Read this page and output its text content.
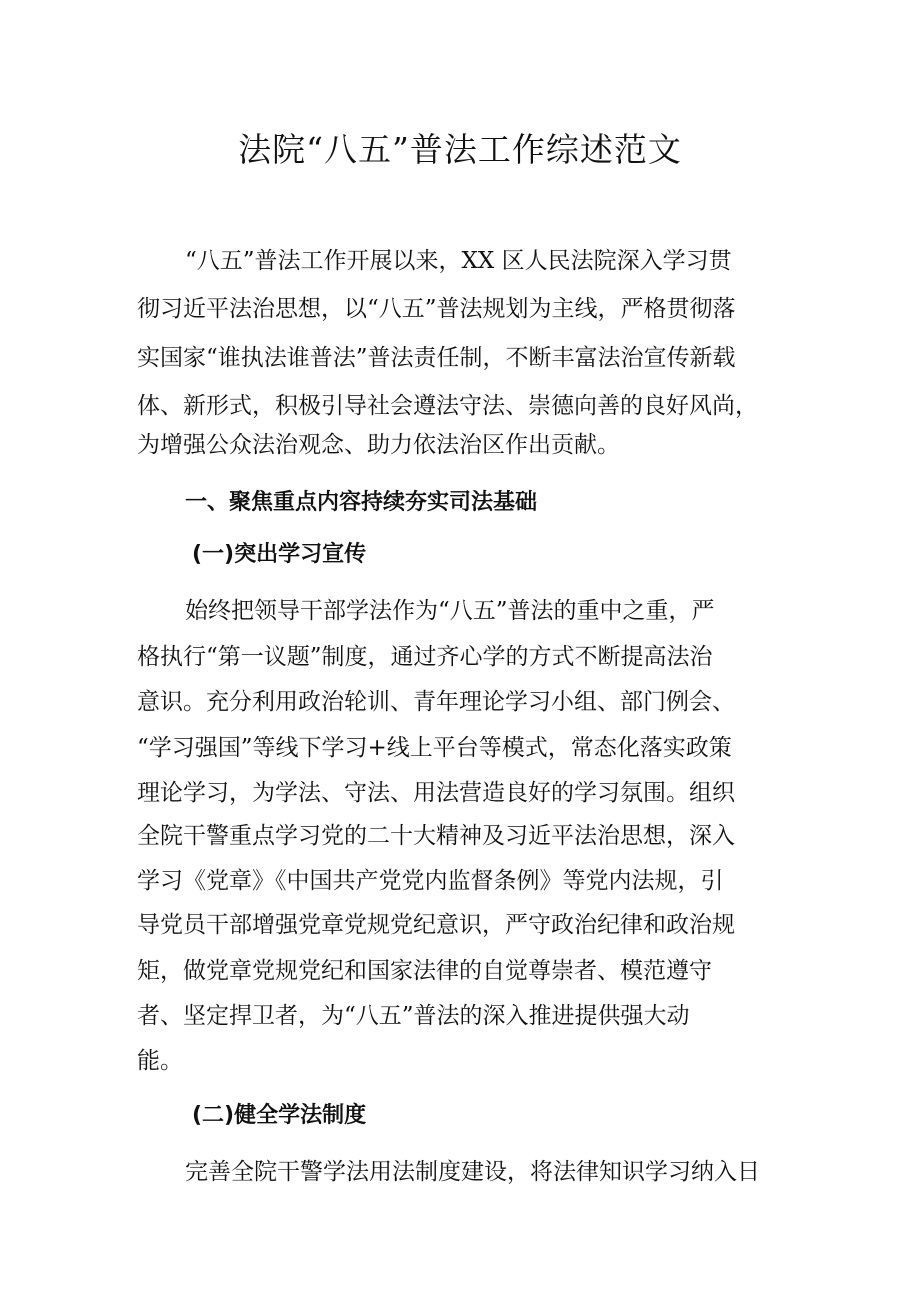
法院“八五”普法工作综述范文
“八五”普法工作开展以来，XX 区人民法院深入学习贯
彻习近平法治思想，以“八五”普法规划为主线，严格贯彻落
实国家“谁执法谁普法”普法责任制，不断丰富法治宣传新载
体、新形式，积极引导社会遵法守法、崇德向善的良好风尚，
为增强公众法治观念、助力依法治区作出贡献。
一、聚焦重点内容持续夯实司法基础
(一)突出学习宣传
始终把领导干部学法作为“八五”普法的重中之重，严
格执行“第一议题”制度，通过齐心学的方式不断提高法治
意识。充分利用政治轮训、青年理论学习小组、部门例会、
“学习强国”等线下学习+线上平台等模式，常态化落实政策
理论学习，为学法、守法、用法营造良好的学习氛围。组织
全院干警重点学习党的二十大精神及习近平法治思想，深入
学习《党章》《中国共产党党内监督条例》等党内法规，引
导党员干部增强党章党规党纪意识，严守政治纪律和政治规
矩，做党章党规党纪和国家法律的自觉尊崇者、模范遵守
者、坚定捍卫者，为“八五”普法的深入推进提供强大动
能。
(二)健全学法制度
完善全院干警学法用法制度建设，将法律知识学习纳入日
